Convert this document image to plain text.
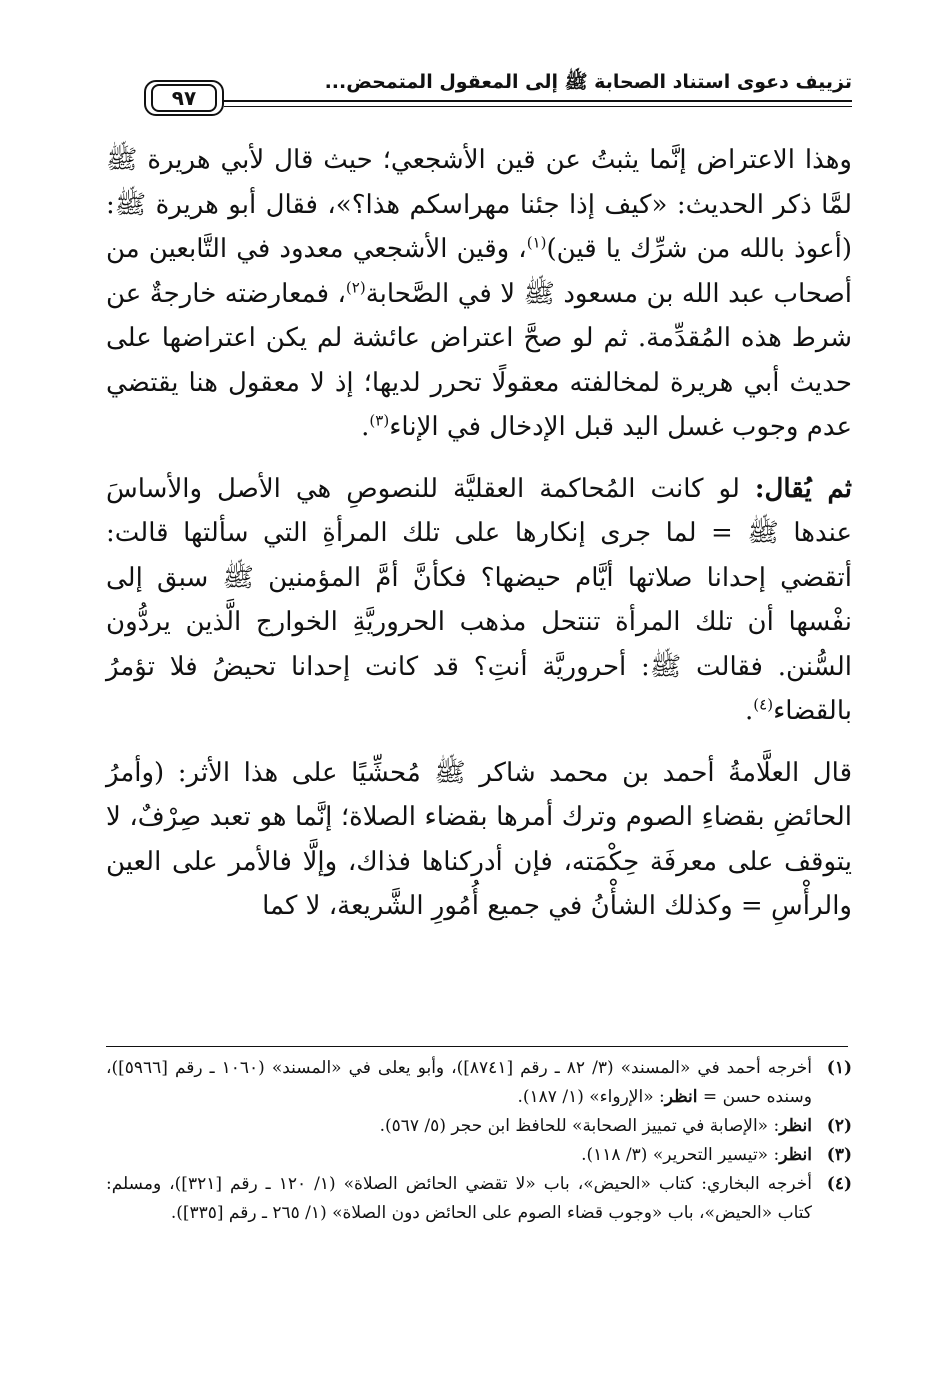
تزييف دعوى استناد الصحابة ﷺ إلى المعقول المتمحض...
٩٧

وهذا الاعتراض إنَّما يثبتُ عن قين الأشجعي؛ حيث قال لأبي هريرة ﷺ لمَّا ذكر الحديث: «كيف إذا جئنا مهراسكم هذا؟»، فقال أبو هريرة ﷺ: (أعوذ بالله من شرِّك يا قين)$^{(١)}$، وقين الأشجعي معدود في التَّابعين من أصحاب عبد الله بن مسعود ﷺ لا في الصَّحابة$^{(٢)}$، فمعارضته خارجةٌ عن شرط هذه المُقدِّمة. ثم لو صحَّ اعتراض عائشة لم يكن اعتراضها على حديث أبي هريرة لمخالفته معقولًا تحرر لديها؛ إذ لا معقول هنا يقتضي عدم وجوب غسل اليد قبل الإدخال في الإناء$^{(٣)}$.

ثم يُقال: لو كانت المُحاكمة العقليَّة للنصوصِ هي الأصل والأساسَ عندها ﷺ = لما جرى إنكارها على تلك المرأةِ التي سألتها قالت: أتقضي إحدانا صلاتها أيَّام حيضها؟ فكأنَّ أمَّ المؤمنين ﷺ سبق إلى نفْسها أن تلك المرأة تنتحل مذهب الحروريَّةِ الخوارج الَّذين يردُّون السُّنن. فقالت ﷺ: أحروريَّة أنتِ؟ قد كانت إحدانا تحيضُ فلا تؤمرُ بالقضاء$^{(٤)}$.

قال العلَّامةُ أحمد بن محمد شاكر ﷺ مُحشِّيًا على هذا الأثر: (وأمرُ الحائضِ بقضاءِ الصوم وترك أمرها بقضاء الصلاة؛ إنَّما هو تعبد صِرْفٌ، لا يتوقف على معرفَة حِكْمَته، فإن أدركناها فذاك، وإلَّا فالأمر على العين والرأْسِ = وكذلك الشأْنُ في جميع أُمُورِ الشَّريعة، لا كما

(١)
أخرجه أحمد في «المسند» (٣/ ٨٢ ـ رقم [٨٧٤١])، وأبو يعلى في «المسند» (١٠٦٠ ـ رقم [٥٩٦٦])، وسنده حسن = انظر: «الإرواء» (١/ ١٨٧).
(٢)
انظر: «الإصابة في تمييز الصحابة» للحافظ ابن حجر (٥/ ٥٦٧).
(٣)
انظر: «تيسير التحرير» (٣/ ١١٨).
(٤)
أخرجه البخاري: كتاب «الحيض»، باب «لا تقضي الحائض الصلاة» (١/ ١٢٠ ـ رقم [٣٢١])، ومسلم: كتاب «الحيض»، باب «وجوب قضاء الصوم على الحائض دون الصلاة» (١/ ٢٦٥ ـ رقم [٣٣٥]).
